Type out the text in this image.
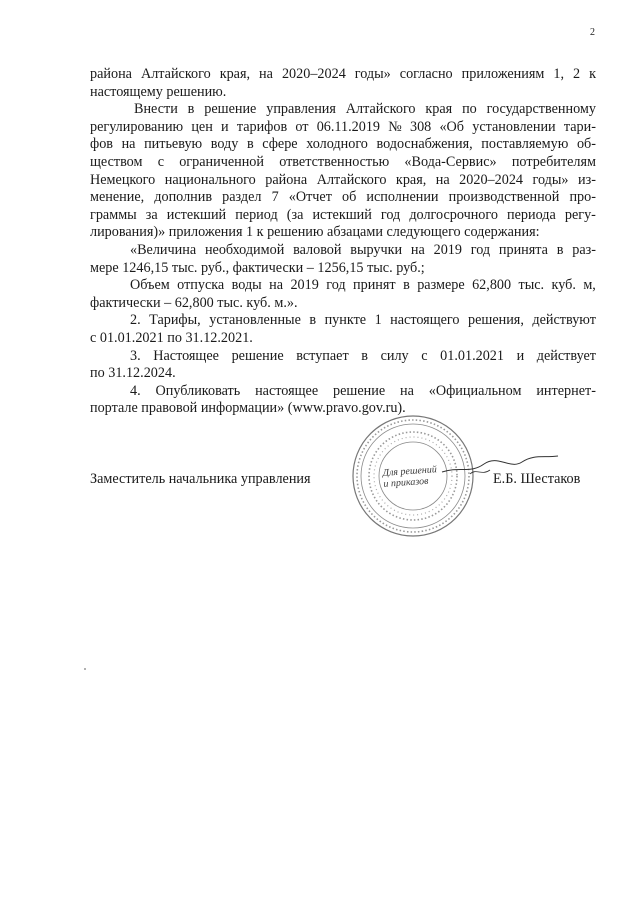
2
района Алтайского края, на 2020–2024 годы» согласно приложениям 1, 2 к
настоящему решению.
Внести в решение управления Алтайского края по государственному
регулированию цен и тарифов от 06.11.2019 № 308 «Об установлении тари-
фов на питьевую воду в сфере холодного водоснабжения, поставляемую об-
ществом с ограниченной ответственностью «Вода-Сервис» потребителям
Немецкого национального района Алтайского края, на 2020–2024 годы» из-
менение, дополнив раздел 7 «Отчет об исполнении производственной про-
граммы за истекший период (за истекший год долгосрочного периода регу-
лирования)» приложения 1 к решению абзацами следующего содержания:
«Величина необходимой валовой выручки на 2019 год принята в раз-
мере 1246,15 тыс. руб., фактически – 1256,15 тыс. руб.;
Объем отпуска воды на 2019 год принят в размере 62,800 тыс. куб. м,
фактически – 62,800 тыс. куб. м.».
2. Тарифы, установленные в пункте 1 настоящего решения, действуют
с 01.01.2021 по 31.12.2021.
3. Настоящее решение вступает в силу с 01.01.2021 и действует
по 31.12.2024.
4. Опубликовать настоящее решение на «Официальном интернет-
портале правовой информации» (www.pravo.gov.ru).
Для решений
и приказов
Заместитель начальника управления	Е.Б. Шестаков
